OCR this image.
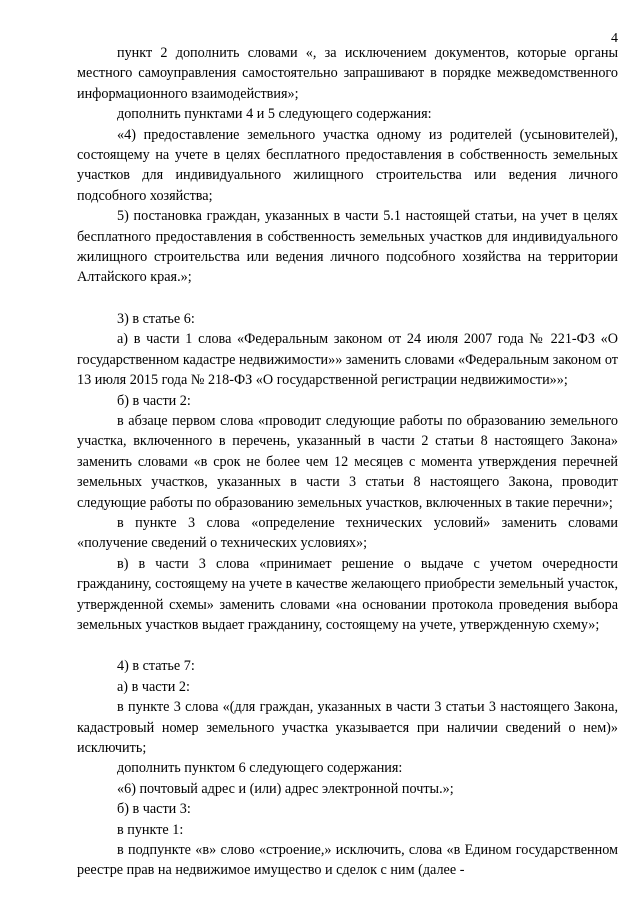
4

пункт 2 дополнить словами «, за исключением документов, которые органы местного самоуправления самостоятельно запрашивают в порядке межведомственного информационного взаимодействия»;

дополнить пунктами 4 и 5 следующего содержания:

«4) предоставление земельного участка одному из родителей (усыновителей), состоящему на учете в целях бесплатного предоставления в собственность земельных участков для индивидуального жилищного строительства или ведения личного подсобного хозяйства;

5) постановка граждан, указанных в части 5.1 настоящей статьи, на учет в целях бесплатного предоставления в собственность земельных участков для индивидуального жилищного строительства или ведения личного подсобного хозяйства на территории Алтайского края.»;

3) в статье 6:

а) в части 1 слова «Федеральным законом от 24 июля 2007 года № 221-ФЗ «О государственном кадастре недвижимости»» заменить словами «Федеральным законом от 13 июля 2015 года № 218-ФЗ «О государственной регистрации недвижимости»»;

б) в части 2:

в абзаце первом слова «проводит следующие работы по образованию земельного участка, включенного в перечень, указанный в части 2 статьи 8 настоящего Закона» заменить словами «в срок не более чем 12 месяцев с момента утверждения перечней земельных участков, указанных в части 3 статьи 8 настоящего Закона, проводит следующие работы по образованию земельных участков, включенных в такие перечни»;

в пункте 3 слова «определение технических условий» заменить словами «получение сведений о технических условиях»;

в) в части 3 слова «принимает решение о выдаче с учетом очередности гражданину, состоящему на учете в качестве желающего приобрести земельный участок, утвержденной схемы» заменить словами «на основании протокола проведения выбора земельных участков выдает гражданину, состоящему на учете, утвержденную схему»;

4) в статье 7:

а) в части 2:

в пункте 3 слова «(для граждан, указанных в части 3 статьи 3 настоящего Закона, кадастровый номер земельного участка указывается при наличии сведений о нем)» исключить;

дополнить пунктом 6 следующего содержания:

«6) почтовый адрес и (или) адрес электронной почты.»;

б) в части 3:

в пункте 1:

в подпункте «в» слово «строение,» исключить, слова «в Едином государственном реестре прав на недвижимое имущество и сделок с ним (далее -
